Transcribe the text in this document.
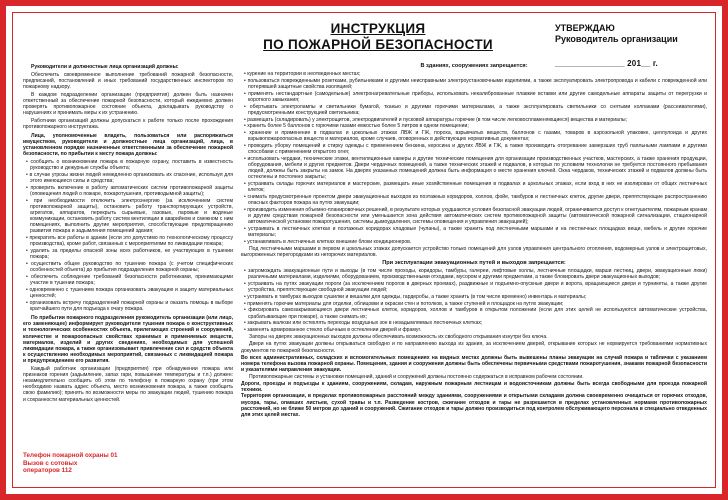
ИНСТРУКЦИЯ
ПО ПОЖАРНОЙ БЕЗОПАСНОСТИ
УТВЕРЖДАЮ
Руководитель организации
_______________ 201__ г.

Руководители и должностные лица организаций должны:

Обеспечить своевременное выполнение требований пожарной безопасности, предписаний, постановлений и иных требований государственных инспекторов по пожарному надзору.

В каждом подразделении организации (предприятия) должен быть назначен ответственный за обеспечение пожарной безопасности, который ежедневно должен проверять противопожарное состояние объекта, докладывать руководству о нарушениях и принимать меры к их устранению.

Работники организаций должны допускаться к работе только после прохождения противопожарного инструктажа.

Лица, уполномоченные владеть, пользоваться или распоряжаться имуществом, руководители и должностные лица организаций, лица, в установленном порядке назначенные ответственными за обеспечение пожарной безопасности, по прибытии к месту пожара должны:

• сообщить о возникновении пожара в пожарную охрану, поставить в известность руководство и дежурные службы объекта;

• в случае угрозы жизни людей немедленно организовать их спасение, используя для этого имеющиеся силы и средства;

• проверить включение в работу автоматических систем противопожарной защиты (оповещения людей о пожаре, пожаротушения, противодымной защиты);

• при необходимости отключить электроэнергию (за исключением систем противопожарной защиты), остановить работу транспортирующих устройств, агрегатов, аппаратов, перекрыть сырьевые, газовые, паровые и водяные коммуникации, остановить работу систем вентиляции в аварийном и смежном с ним помещениях, выполнить другие мероприятия, способствующие предотвращению развития пожара и задымления помещений здания;

• прекратить все работы в здании (если это допустимо по технологическому процессу производства), кроме работ, связанных с мероприятиями по ликвидации пожара;

• удалить за пределы опасной зоны всех работников, не участвующих в тушении пожара;

• осуществить общее руководство по тушению пожара (с учетом специфических особенностей объекта) до прибытия подразделения пожарной охраны;

• обеспечить соблюдение требований безопасности работниками, принимающими участие в тушении пожара;

• одновременно с тушением пожара организовать эвакуацию и защиту материальных ценностей;

• организовать встречу подразделений пожарной охраны и оказать помощь в выборе кратчайшего пути для подъезда к очагу пожара.

По прибытии пожарного подразделения руководитель организации (или лицо, его заменяющее) информирует руководителя тушения пожара о конструктивных и технологических особенностях объекта, прилегающих строений и сооружений, количестве и пожароопасных свойствах хранимых и применяемых веществ, материалов, изделий и других сведениях, необходимых для успешной ликвидации пожара, а также организовывает привлечение сил и средств объекта к осуществлению необходимых мероприятий, связанных с ликвидацией пожара и предупреждением его развития.

Каждый работник организации (предприятия) при обнаружении пожара или признаков горения (задымление, запах гари, повышение температуры и т.п.) должен: незамедлительно сообщить об этом по телефону в пожарную охрану (при этом необходимо назвать адрес объекта, место возникновения пожара, а также сообщить свою фамилию); принять по возможности меры по эвакуации людей, тушению пожара и сохранности материальных ценностей.

Телефон пожарной охраны 01
Вызов с сотовых
операторов 112

В зданиях, сооружениях запрещается:

• курение на территории в неотведенных местах;

• пользоваться поврежденными розетками, рубильниками и другими неисправными электроустановочными изделиями, а также эксплуатировать электропровода и кабели с поврежденной или потерявшей защитные свойства изоляцией;

• применять нестандартные (самодельные) электронагревательные приборы, использовать некалиброванные плавкие вставки или другие самодельные аппараты защиты от перегрузки и короткого замыкания;

• обертывать электролампы и светильники бумагой, тканью и другими горючими материалами, а также эксплуатировать светильники со снятыми колпаками (рассеивателями), предусмотренными конструкцией светильника;

• размещать (складировать) у электрощитов, электродвигателей и пусковой аппаратуры горючие (в том числе легковоспламеняющиеся) вещества и материалы;

• хранить более 5 баллонов с горючими газами емкостью более 5 литров в одном помещении;

• хранение и применение в подвалах и цокольных этажах ЛВЖ и ГЖ, пороха, взрывчатых веществ, баллонов с газами, товаров в аэрозольной упаковке, целлулоида и других взрывопожароопасных веществ и материалов, кроме случаев, оговоренных в действующих нормативных документах;

• проводить уборку помещений и стирку одежды с применением бензина, керосина и других ЛВЖ и ГЖ, а также производить отогревание замерзших труб паяльными лампами и другими способами с применением открытого огня;

• использовать чердаки, технические этажи, вентиляционные камеры и другие технические помещения для организации производственных участков, мастерских, а также хранения продукции, оборудования, мебели и других предметов. Двери чердачных помещений, а также технических этажей и подвалов, в которых по условиям технологии не требуется постоянного пребывания людей, должны быть закрыты на замок. На дверях указанных помещений должна быть информация о месте хранения ключей. Окна чердаков, технических этажей и подвалов должны быть остеклены и постоянно закрыты;

• устраивать склады горючих материалов и мастерские, размещать иные хозяйственные помещения в подвалах и цокольных этажах, если вход в них не изолирован от общих лестничных клеток;

• снимать предусмотренные проектом двери эвакуационных выходов из поэтажных коридоров, холлов, фойе, тамбуров и лестничных клеток, другие двери, препятствующие распространению опасных факторов пожара на путях эвакуации;

• производить изменения объемно-планировочных решений, в результате которых ухудшаются условия безопасной эвакуации людей, ограничивается доступ к огнетушителям, пожарным кранам и другим средствам пожарной безопасности или уменьшается зона действия автоматических систем противопожарной защиты (автоматической пожарной сигнализации, стационарной автоматической установки пожаротушения, системы дымоудаления, системы оповещения и управления эвакуацией);

• устраивать в лестничных клетках и поэтажных коридорах кладовые (чуланы), а также хранить под лестничными маршами и на лестничных площадках вещи, мебель и другие горючие материалы;

• устанавливать в лестничных клетках внешние блоки кондиционеров.

Под лестничными маршами в первом и цокольных этажах допускается устройство только помещений для узлов управления центрального отопления, водомерных узлов и электрощитовых, выгороженных перегородками из негорючих материалов.

При эксплуатации эвакуационных путей и выходов запрещается:

• загромождать эвакуационные пути и выходы (в том числе проходы, коридоры, тамбуры, галереи, лифтовые холлы, лестничные площадки, марши лестниц, двери, эвакуационные люки) различными материалами, изделиями, оборудованием, производственными отходами, мусором и другими предметами, а также блокировать двери эвакуационных выходов;

• устраивать на путях эвакуации пороги (за исключением порогов в дверных проемах), раздвижные и подъемно-опускные двери и ворота, вращающиеся двери и турникеты, а также другие устройства, препятствующие свободной эвакуации людей;

• устраивать в тамбурах выходов сушилки и вешалки для одежды, гардеробы, а также хранить (в том числе временно) инвентарь и материалы;

• применять горючие материалы для отделки, облицовки и окраски стен и потолков, а также ступеней и площадок на путях эвакуации;

• фиксировать самозакрывающиеся двери лестничных клеток, коридоров, холлов и тамбуров в открытом положении (если для этих целей не используются автоматические устройства, срабатывающие при пожаре), а также снимать их;

• закрывать жалюзи или остеклять переходы воздушных зон в незадымляемых лестничных клетках;

• заменять армированное стекло обычным в остеклении дверей и фрамуг.

Запоры на дверях эвакуационных выходов должны обеспечивать возможность их свободного открывания изнутри без ключа.

Двери на путях эвакуации должны открываться свободно и по направлению выхода из здания, за исключением дверей, открывание которых не нормируется требованиями нормативных документов по пожарной безопасности.

Во всех административных, складских и вспомогательных помещениях на видных местах должны быть вывешены планы эвакуации на случай пожара и таблички с указанием номера телефона вызова пожарной охраны. Помещения, здания и сооружения должны быть обеспечены первичными средствами пожаротушения, знаками пожарной безопасности и указателями направления эвакуации.

Противопожарные системы и установки помещений, зданий и сооружений должны постоянно содержаться в исправном рабочем состоянии.

Дороги, проезды и подъезды к зданиям, сооружениям, складам, наружным пожарным лестницам и водоисточникам должны быть всегда свободными для проезда пожарной техники.

Территория организации, в пределах противопожарных расстояний между зданиями, сооружениями и открытыми складами должна своевременно очищаться от горючих отходов, мусора, тары, опавших листьев, сухой травы и т.п. Разведение костров, сжигание отходов и тары не разрешается в пределах установленных нормами противопожарных расстояний, но не ближе 50 метров до зданий и сооружений. Сжигание отходов и тары должно производиться под контролем обслуживающего персонала в специально отведенных для этих целей местах.
